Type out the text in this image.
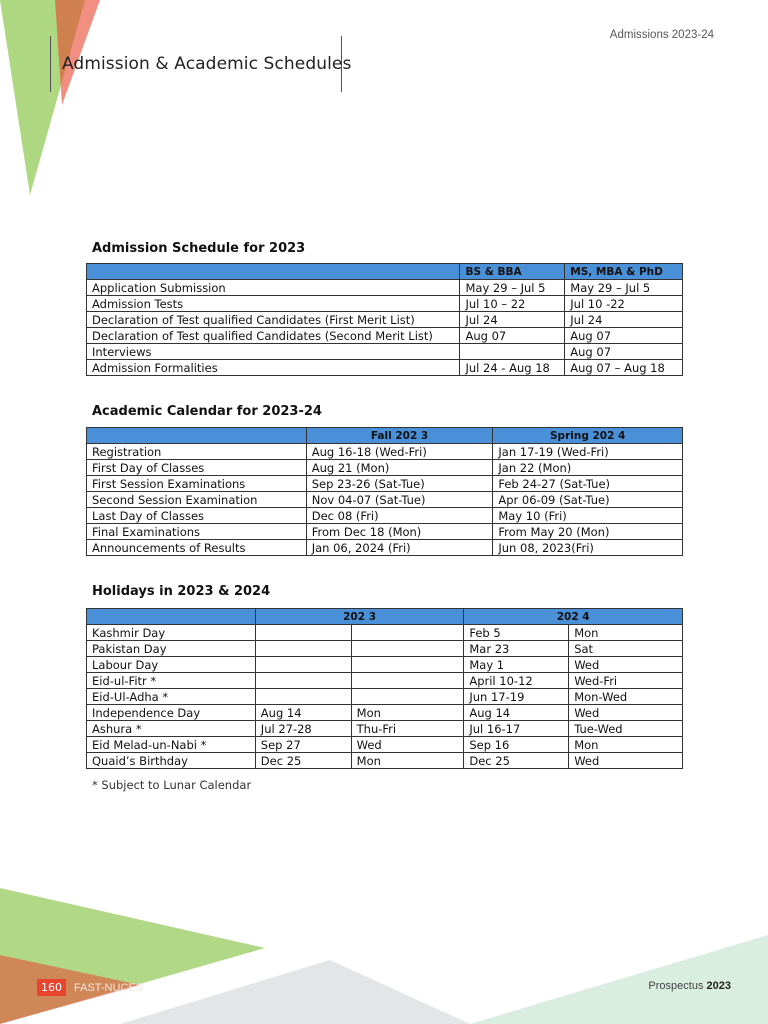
Admissions 2023-24
Admission & Academic Schedules
Admission Schedule for 2023
	BS & BBA	MS, MBA & PhD
Application Submission	May 29 – Jul 5	May 29 – Jul 5
Admission Tests	Jul 10 – 22	Jul 10 -22
Declaration of Test qualified Candidates (First Merit List)	Jul 24	Jul 24
Declaration of Test qualified Candidates (Second Merit List)	Aug 07	Aug 07
Interviews		Aug 07
Admission Formalities	Jul 24 - Aug 18	Aug 07 – Aug 18
Academic Calendar for 2023-24
	Fall 202 3	Spring 202 4
Registration	Aug 16-18 (Wed-Fri)	Jan 17-19 (Wed-Fri)
First Day of Classes	Aug 21 (Mon)	Jan 22 (Mon)
First Session Examinations	Sep 23-26 (Sat-Tue)	Feb 24-27 (Sat-Tue)
Second Session Examination	Nov 04-07 (Sat-Tue)	Apr 06-09 (Sat-Tue)
Last Day of Classes	Dec 08 (Fri)	May 10 (Fri)
Final Examinations	From Dec 18 (Mon)	From May 20 (Mon)
Announcements of Results	Jan 06, 2024 (Fri)	Jun 08, 2023(Fri)
Holidays in 2023 & 2024
	202 3		202 4	
Kashmir Day			Feb 5	Mon
Pakistan Day			Mar 23	Sat
Labour Day			May 1	Wed
Eid-ul-Fitr *			April 10-12	Wed-Fri
Eid-Ul-Adha *			Jun 17-19	Mon-Wed
Independence Day	Aug 14	Mon	Aug 14	Wed
Ashura *	Jul 27-28	Thu-Fri	Jul 16-17	Tue-Wed
Eid Melad-un-Nabi *	Sep 27	Wed	Sep 16	Mon
Quaid’s Birthday	Dec 25	Mon	Dec 25	Wed
* Subject to Lunar Calendar
160	FAST-NUCES	Prospectus 2023
